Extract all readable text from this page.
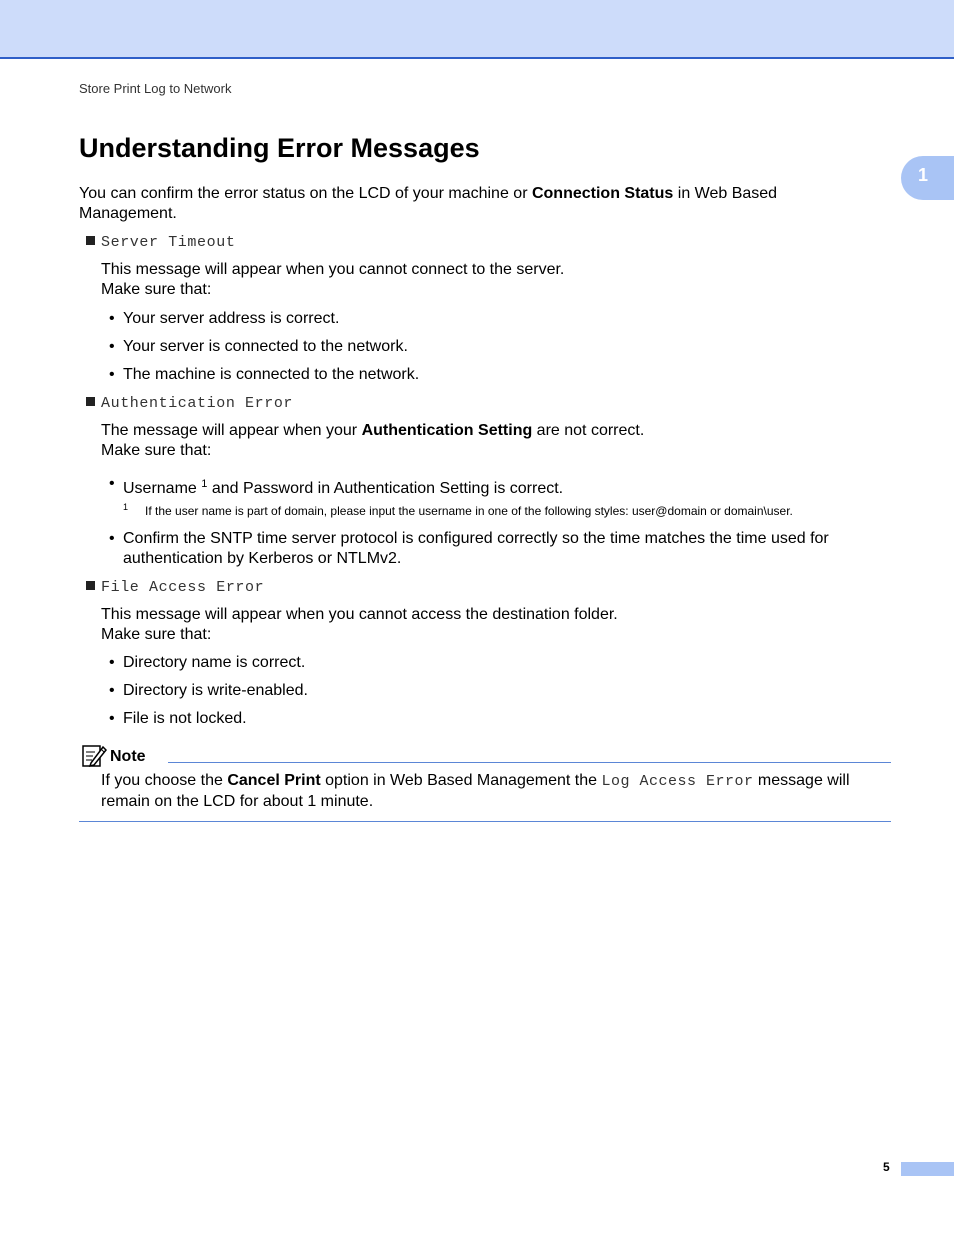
Store Print Log to Network
1
Understanding Error Messages
You can confirm the error status on the LCD of your machine or Connection Status in Web Based Management.
Server Timeout
This message will appear when you cannot connect to the server.
Make sure that:
• Your server address is correct.
• Your server is connected to the network.
• The machine is connected to the network.
Authentication Error
The message will appear when your Authentication Setting are not correct.
Make sure that:
• Username $^1$ and Password in Authentication Setting is correct.
1 If the user name is part of domain, please input the username in one of the following styles: user@domain or domain\user.
• Confirm the SNTP time server protocol is configured correctly so the time matches the time used for authentication by Kerberos or NTLMv2.
File Access Error
This message will appear when you cannot access the destination folder.
Make sure that:
• Directory name is correct.
• Directory is write-enabled.
• File is not locked.
Note
If you choose the Cancel Print option in Web Based Management the Log Access Error message will remain on the LCD for about 1 minute.
5
